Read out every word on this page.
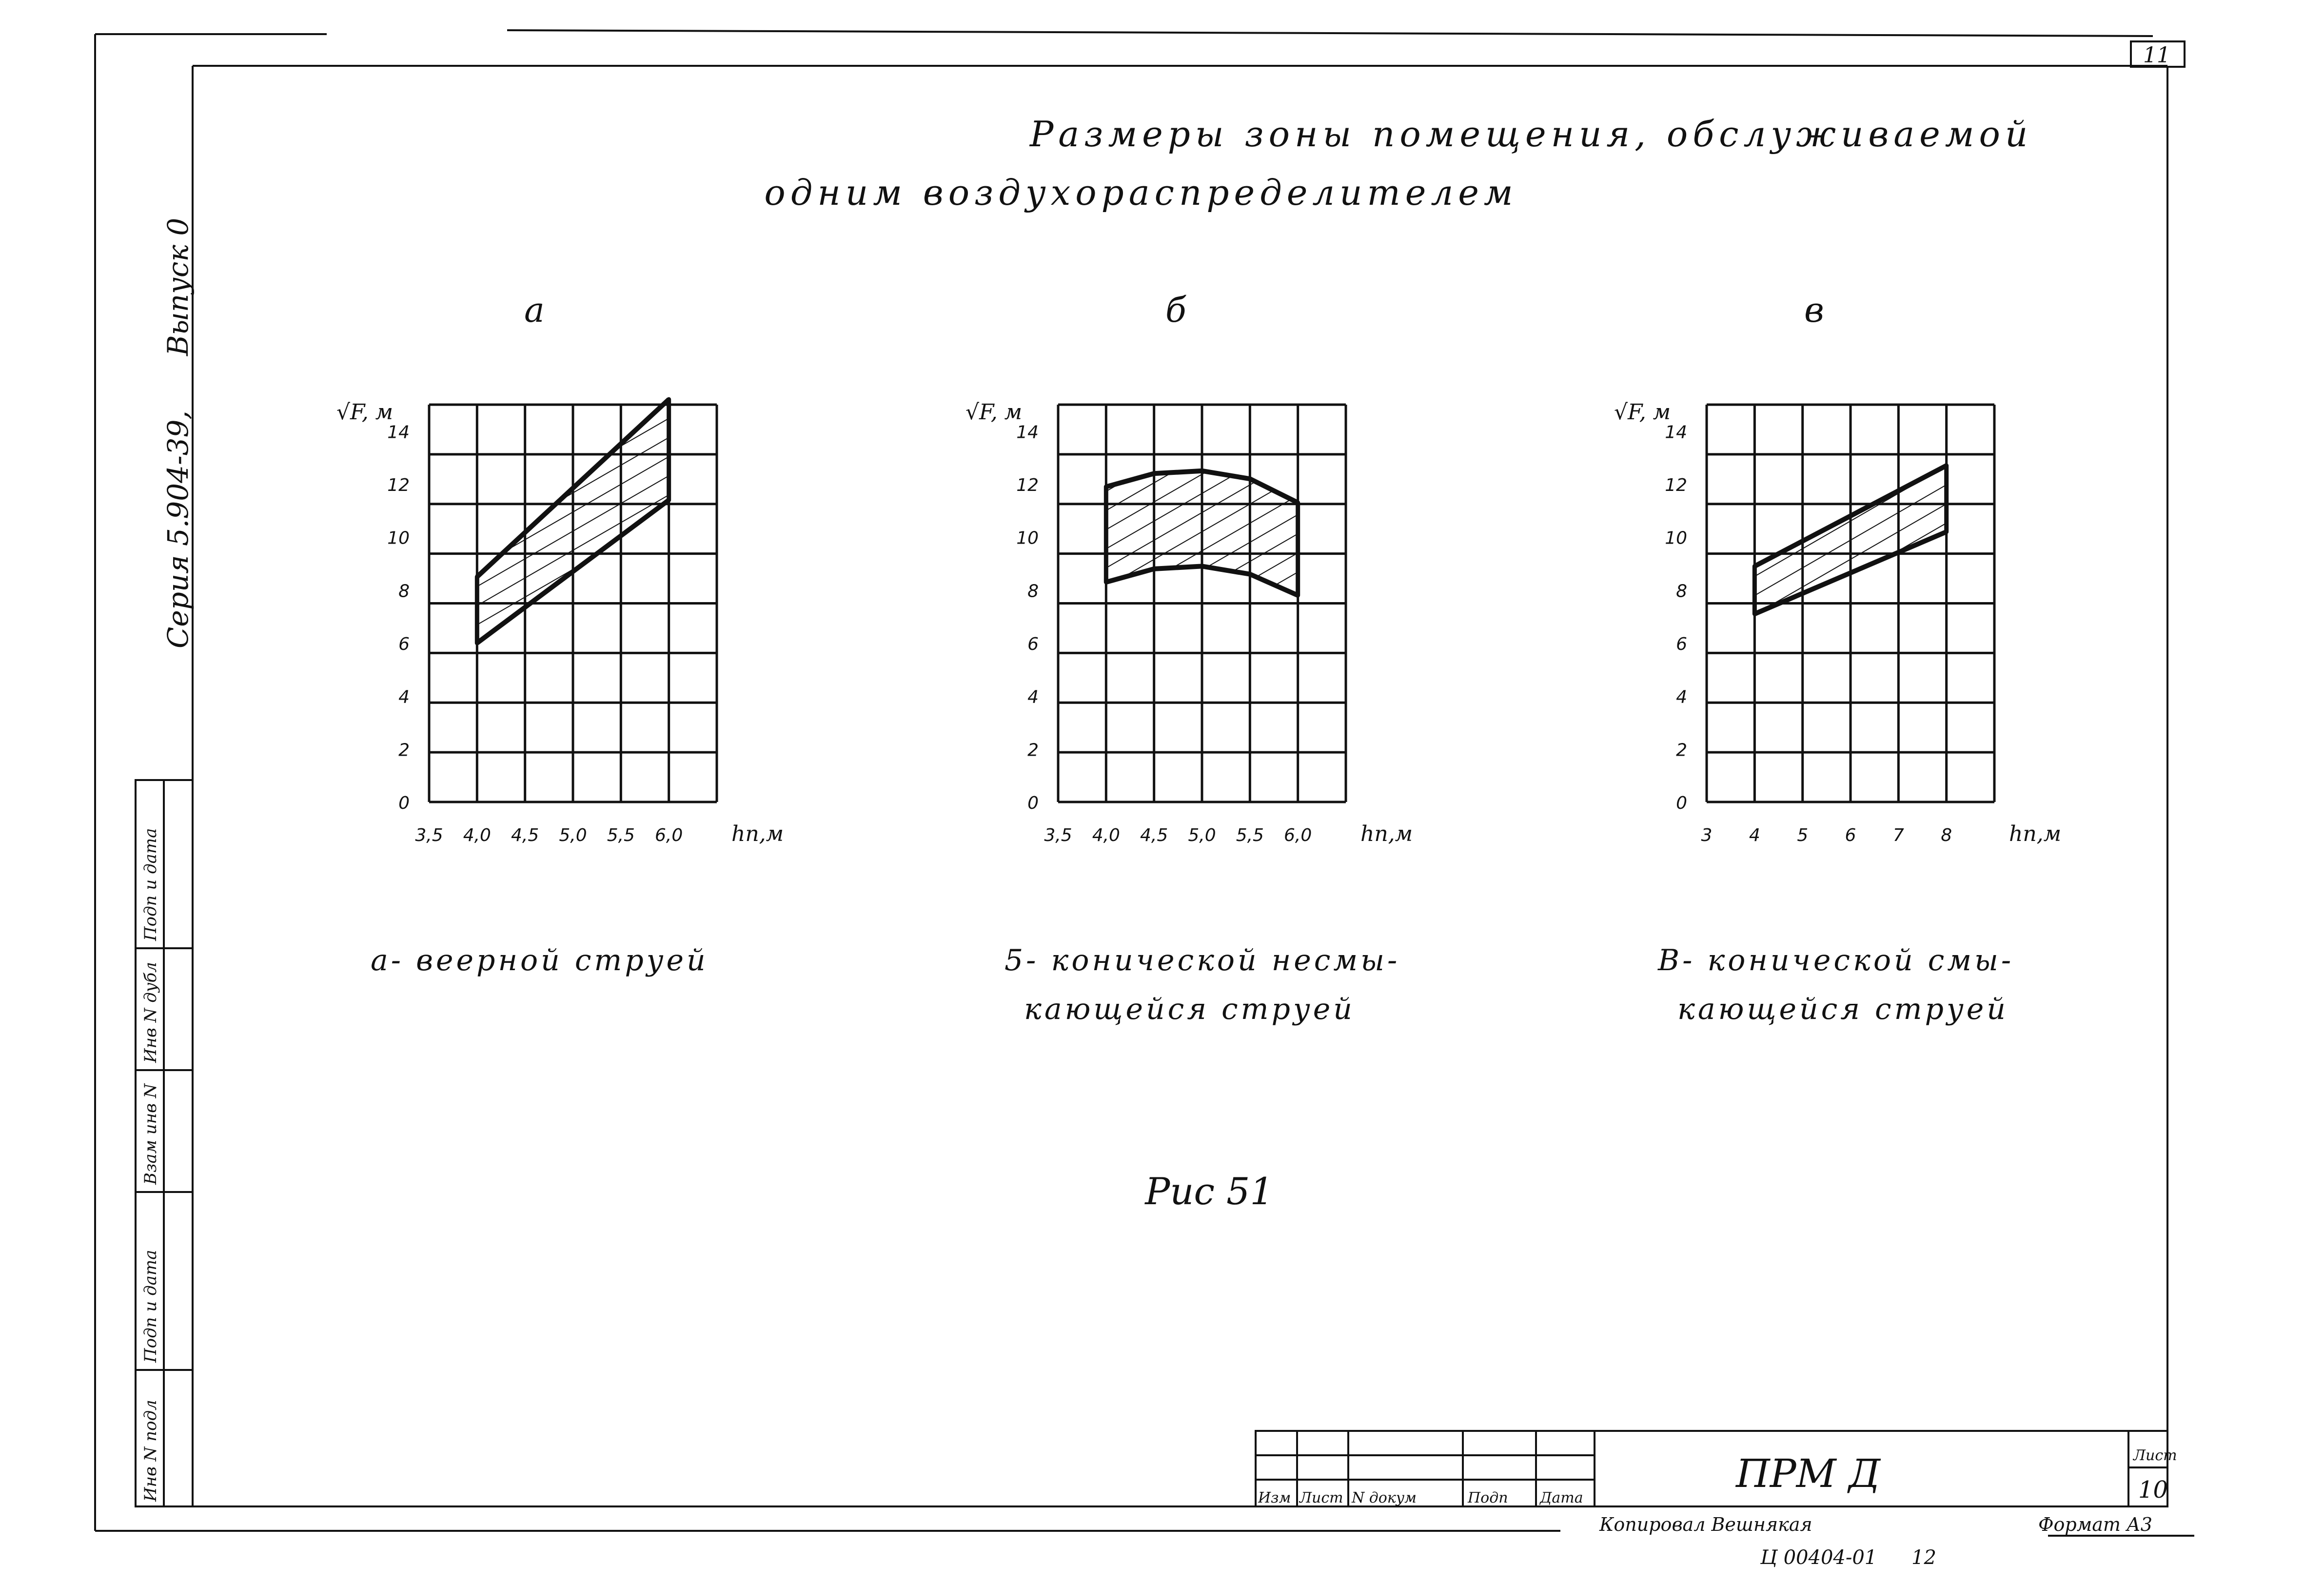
11
Серия 5.904-39,
Выпуск 0
Инв N подл
Подп и дата
Взам инв N
Инв N дубл
Подп и дата
Размеры зоны помещения, обслуживаемой
одним воздухораспределителем
а
0
2
4
6
8
10
12
14
3,5 4,0 4,5 5,0 5,5 6,0
√F, м
hп,м
а- веерной струей
б
0
2
4
6
8
10
12
14
3,5 4,0 4,5 5,0 5,5 6,0
√F, м
hп,м
5- конической несмы-
кающейся струей
в
0
2
4
6
8
10
12
14
3 4 5 6 7 8
√F, м
hп,м
В- конической смы-
кающейся струей
Рис 51
Изм Лист N докум	Подп Дата
ПРМ Д	Лист
10
Копировал Вешнякая	Формат А3
Ц 00404-01 12
